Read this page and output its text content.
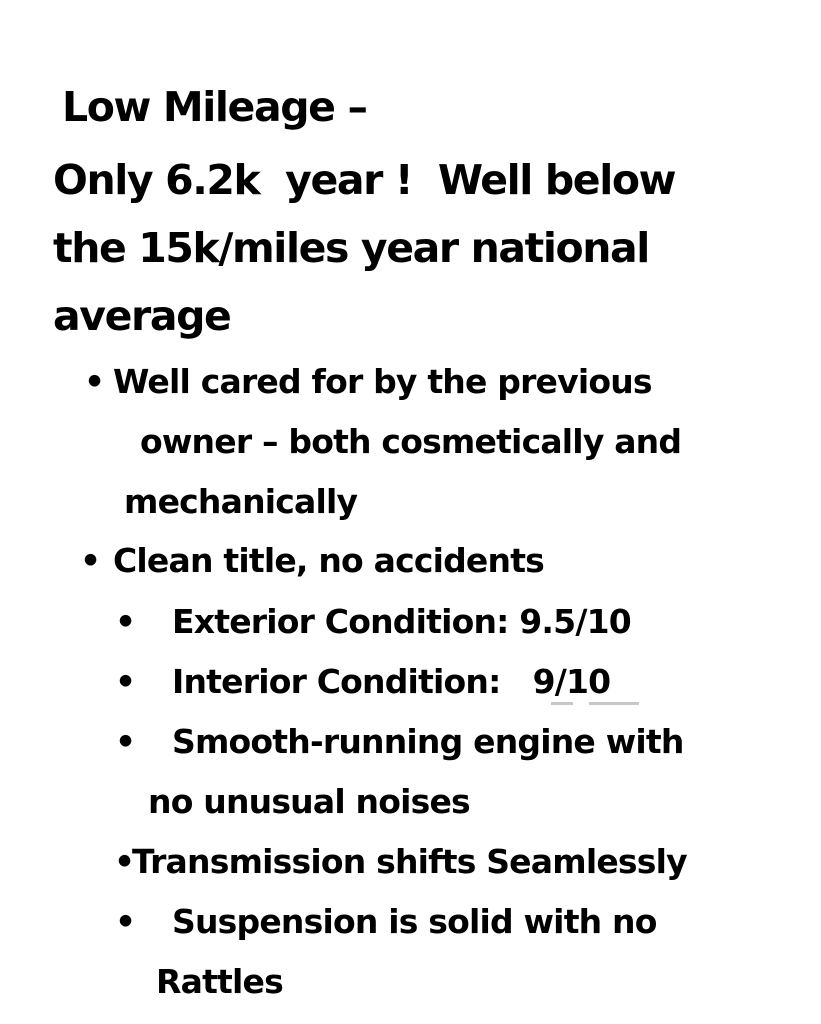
Low Mileage –
Only 6.2k  year !  Well below
the 15k/miles year national
average
• Well cared for by the previous
owner – both cosmetically and
mechanically
• Clean title, no accidents
• Exterior Condition: 9.5/10
• Interior Condition:   9/10
• Smooth-running engine with
no unusual noises
•
Transmission shifts Seamlessly
• Suspension is solid with no
Rattles
